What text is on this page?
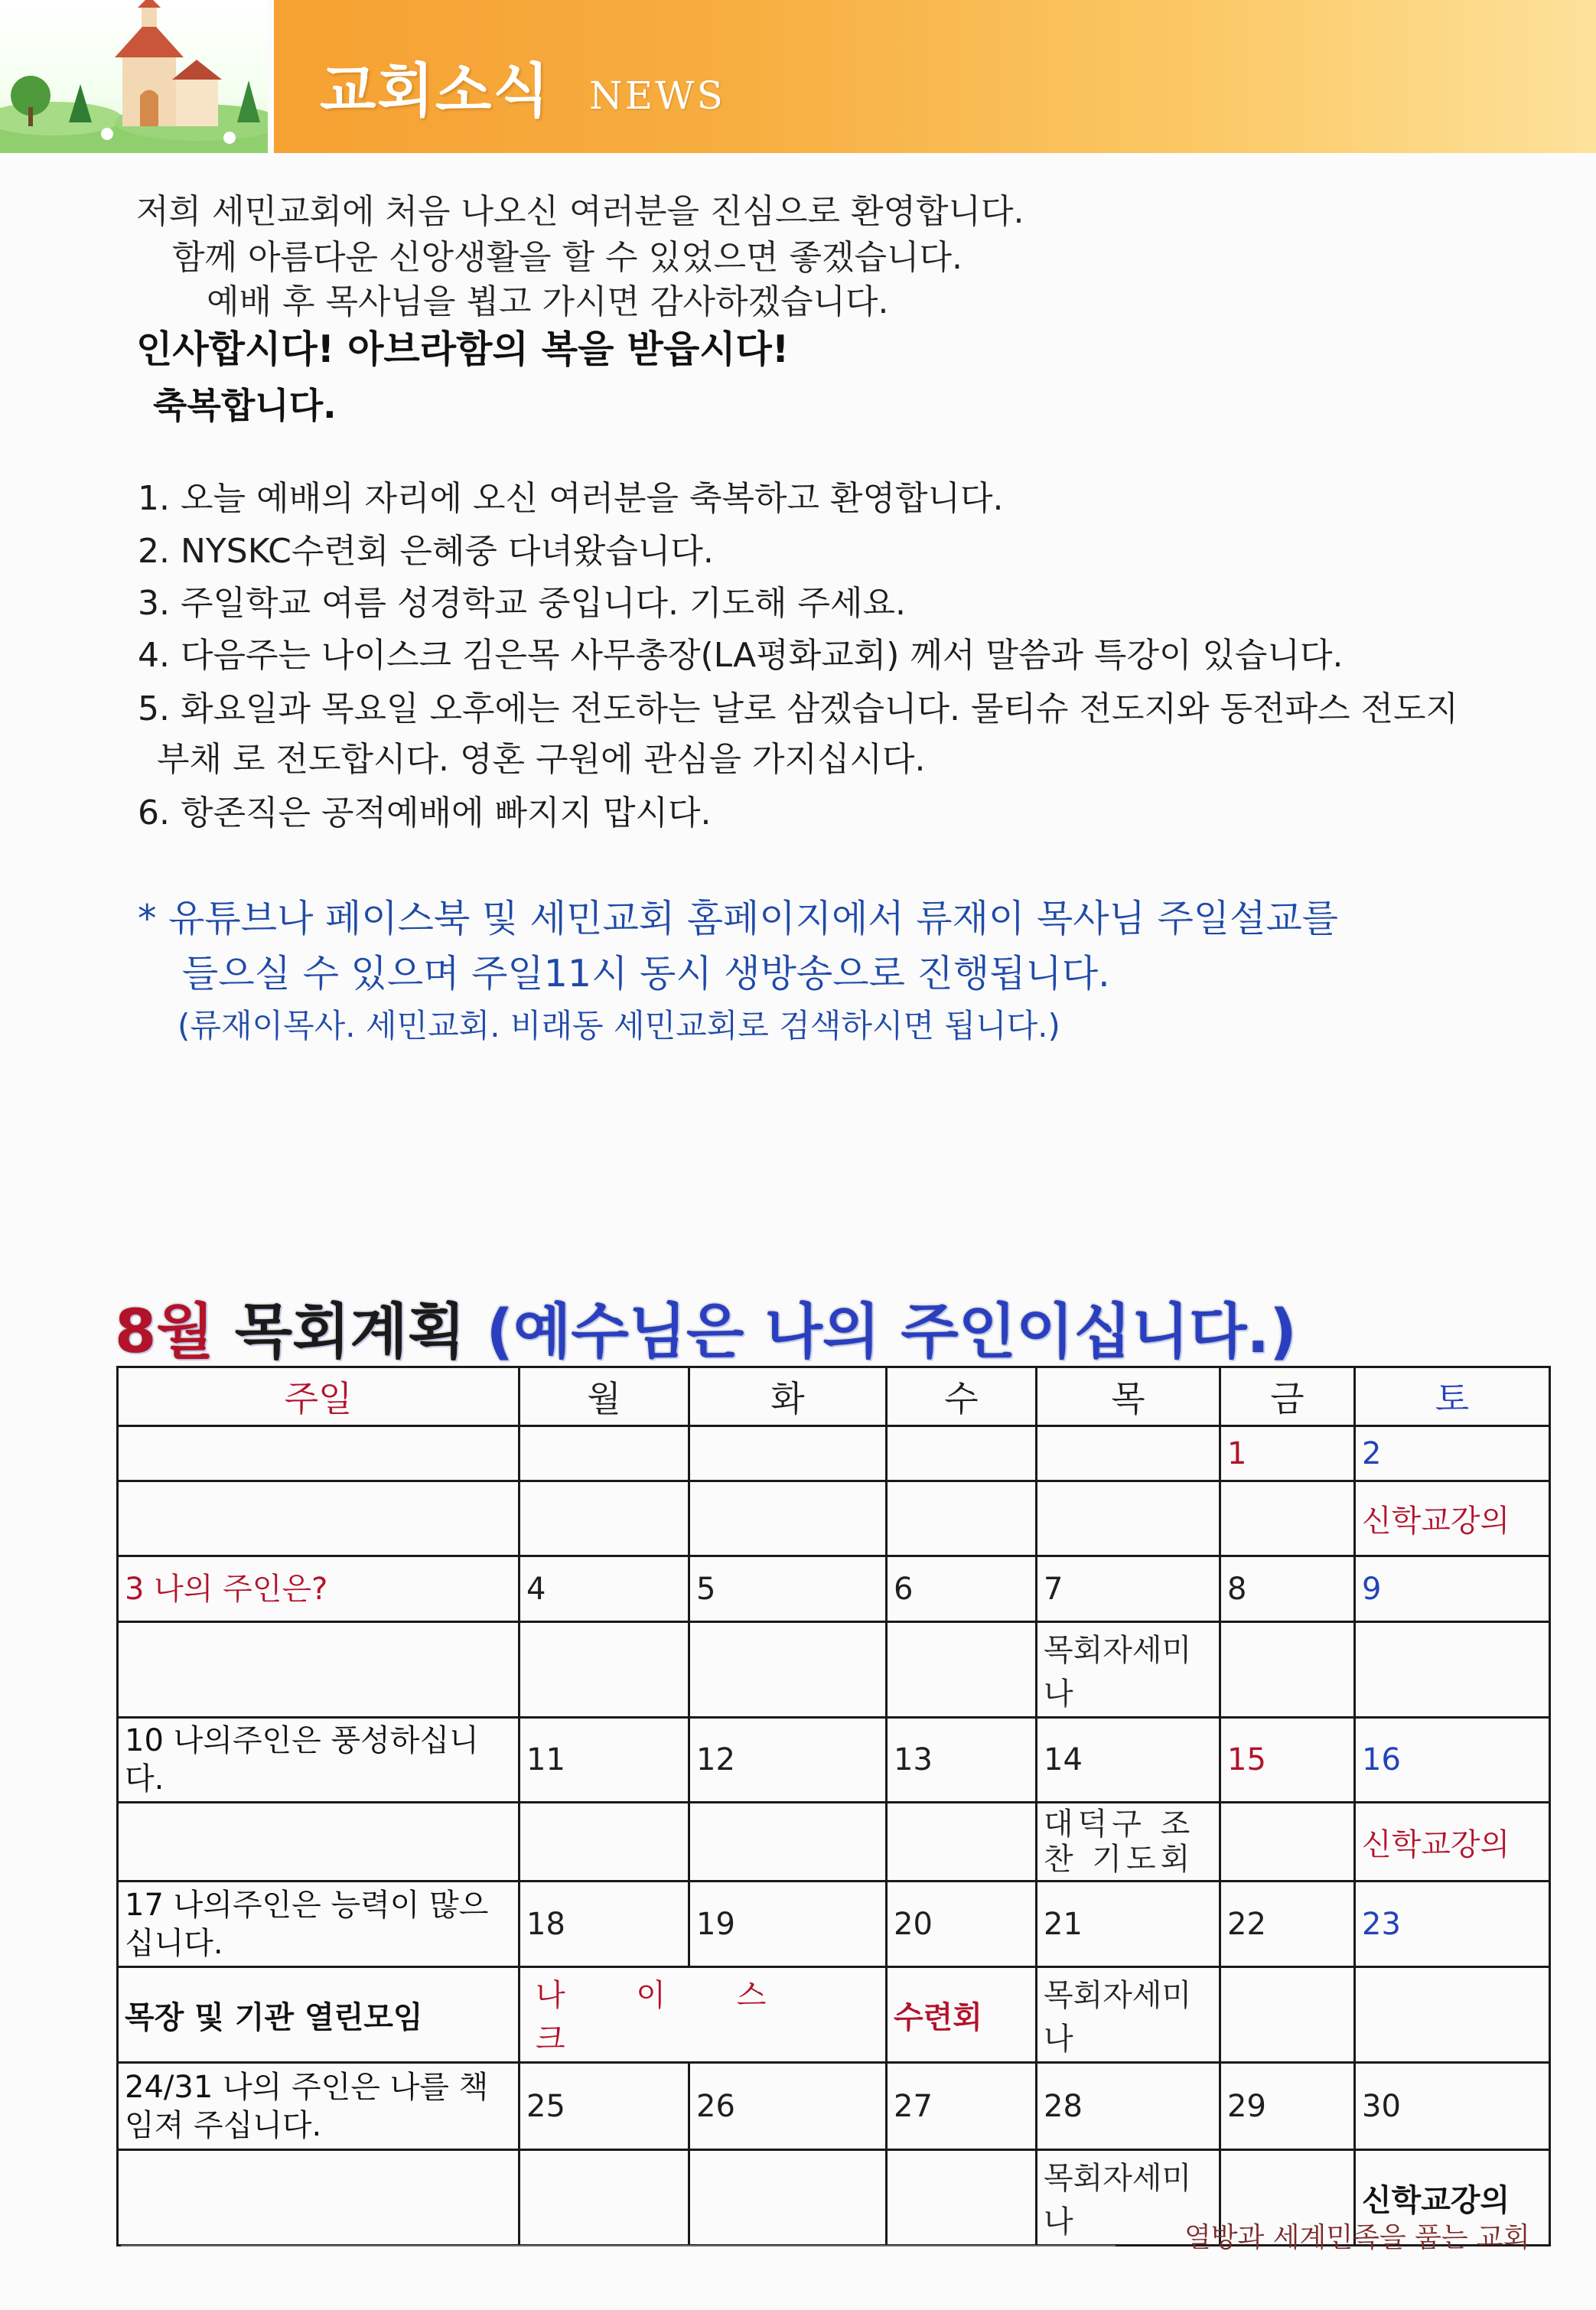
교회소식 NEWS
저희 세민교회에 처음 나오신 여러분을 진심으로 환영합니다.
함께 아름다운 신앙생활을 할 수 있었으면 좋겠습니다.
예배 후 목사님을 뵙고 가시면 감사하겠습니다.
인사합시다! 아브라함의 복을 받읍시다!
축복합니다.
1. 오늘 예배의 자리에 오신 여러분을 축복하고 환영합니다.
2. NYSKC수련회 은혜중 다녀왔습니다.
3. 주일학교 여름 성경학교 중입니다. 기도해 주세요.
4. 다음주는 나이스크 김은목 사무총장(LA평화교회) 께서 말씀과 특강이 있습니다.
5. 화요일과 목요일 오후에는 전도하는 날로 삼겠습니다. 물티슈 전도지와 동전파스 전도지
부채 로 전도합시다. 영혼 구원에 관심을 가지십시다.
6. 항존직은 공적예배에 빠지지 맙시다.
* 유튜브나 페이스북 및 세민교회 홈페이지에서 류재이 목사님 주일설교를
들으실 수 있으며 주일11시 동시 생방송으로 진행됩니다.
(류재이목사. 세민교회. 비래동 세민교회로 검색하시면 됩니다.)
8월 목회계획 (예수님은 나의 주인이십니다.)
주일	월	화	수	목	금	토
					1	2
						신학교강의
3 나의 주인은?	4	5	6	7	8	9
				목회자세미나		
10 나의주인은 풍성하십니다.	11	12	13	14	15	16
				대덕구 조찬 기도회		신학교강의
17 나의주인은 능력이 많으십니다.	18	19	20	21	22	23
목장 및 기관 열린모임	나 이 스 크		수련회	목회자세미나		
24/31 나의 주인은 나를 책임져 주십니다.	25	26	27	28	29	30
				목회자세미나		신학교강의
열방과 세계민족을 품는 교회
